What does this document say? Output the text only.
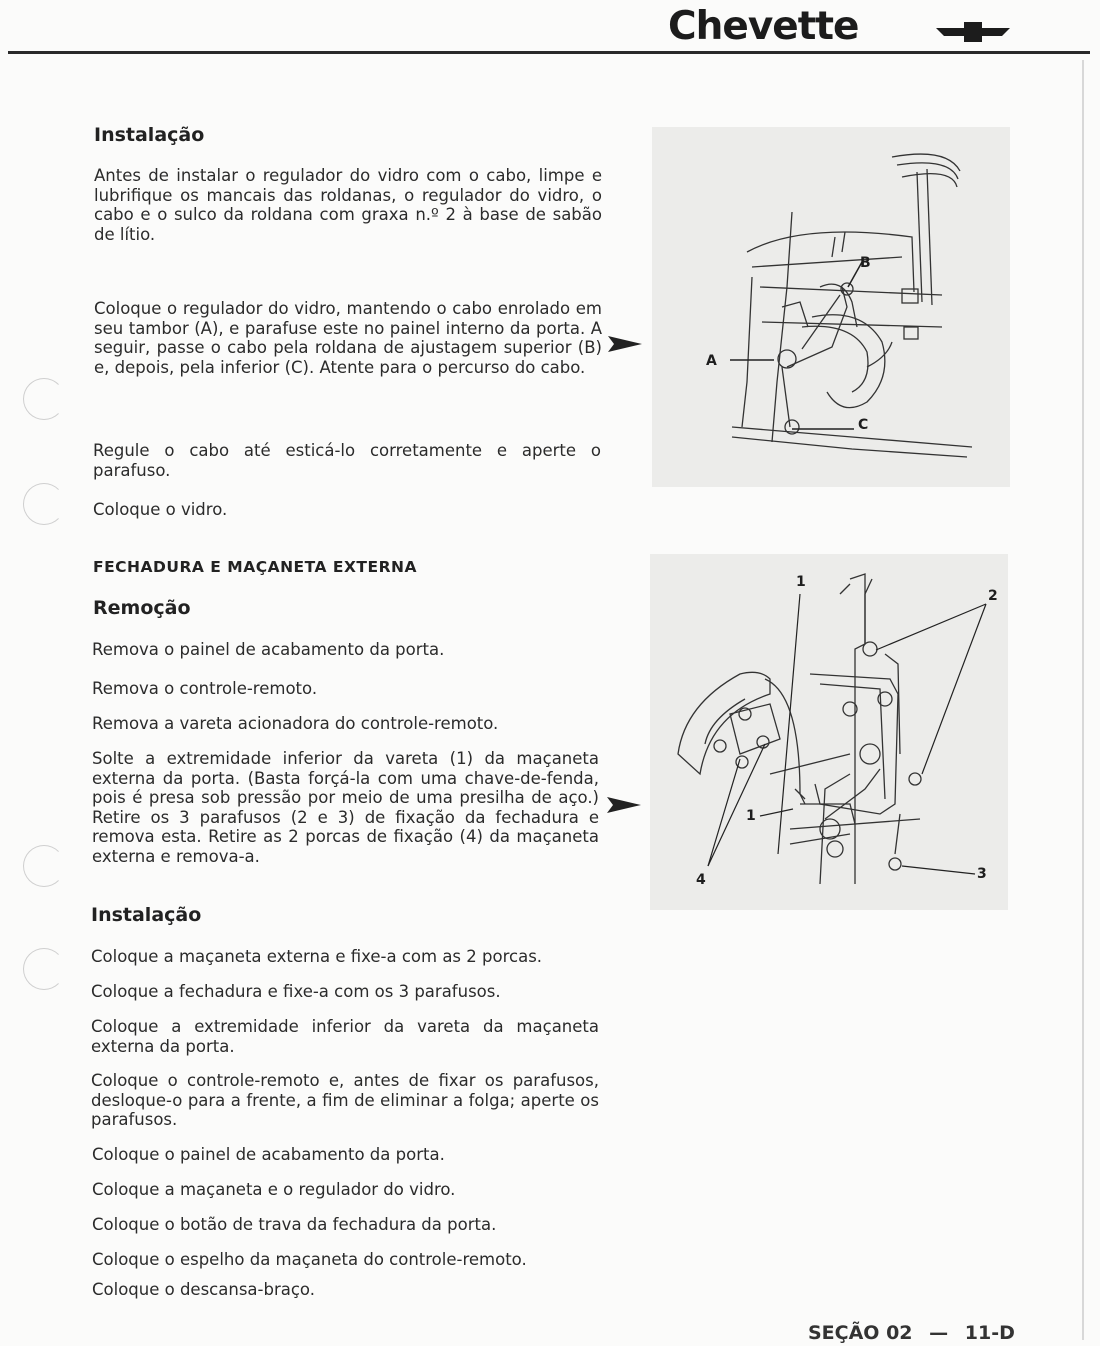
Chevette
Instalação

Antes de instalar o regulador do vidro com o cabo, limpe e lubrifique os mancais das roldanas, o regulador do vidro, o cabo e o sulco da roldana com graxa n.º 2 à base de sabão de lítio.

Coloque o regulador do vidro, mantendo o cabo enrolado em seu tambor (A), e parafuse este no painel interno da porta. A seguir, passe o cabo pela roldana de ajustagem superior (B) e, depois, pela inferior (C). Atente para o percurso do cabo.

Regule o cabo até esticá-lo corretamente e aperte o parafuso.

Coloque o vidro.

A
C
B
FECHADURA E MAÇANETA EXTERNA
Remoção

Remova o painel de acabamento da porta.

Remova o controle-remoto.

Remova a vareta acionadora do controle-remoto.

Solte a extremidade inferior da vareta (1) da maçaneta externa da porta. (Basta forçá-la com uma chave-de-fenda, pois é presa sob pressão por meio de uma presilha de aço.) Retire os 3 parafusos (2 e 3) de fixação da fechadura e remova esta. Retire as 2 porcas de fixação (4) da maçaneta externa e remova-a.

1
2
1
3
4
Instalação

Coloque a maçaneta externa e fixe-a com as 2 porcas.

Coloque a fechadura e fixe-a com os 3 parafusos.

Coloque a extremidade inferior da vareta da maçaneta externa da porta.

Coloque o controle-remoto e, antes de fixar os parafusos, desloque-o para a frente, a fim de eliminar a folga; aperte os parafusos.

Coloque o painel de acabamento da porta.

Coloque a maçaneta e o regulador do vidro.

Coloque o botão de trava da fechadura da porta.

Coloque o espelho da maçaneta do controle-remoto.

Coloque o descansa-braço.

SEÇÃO 02 — 11-D
